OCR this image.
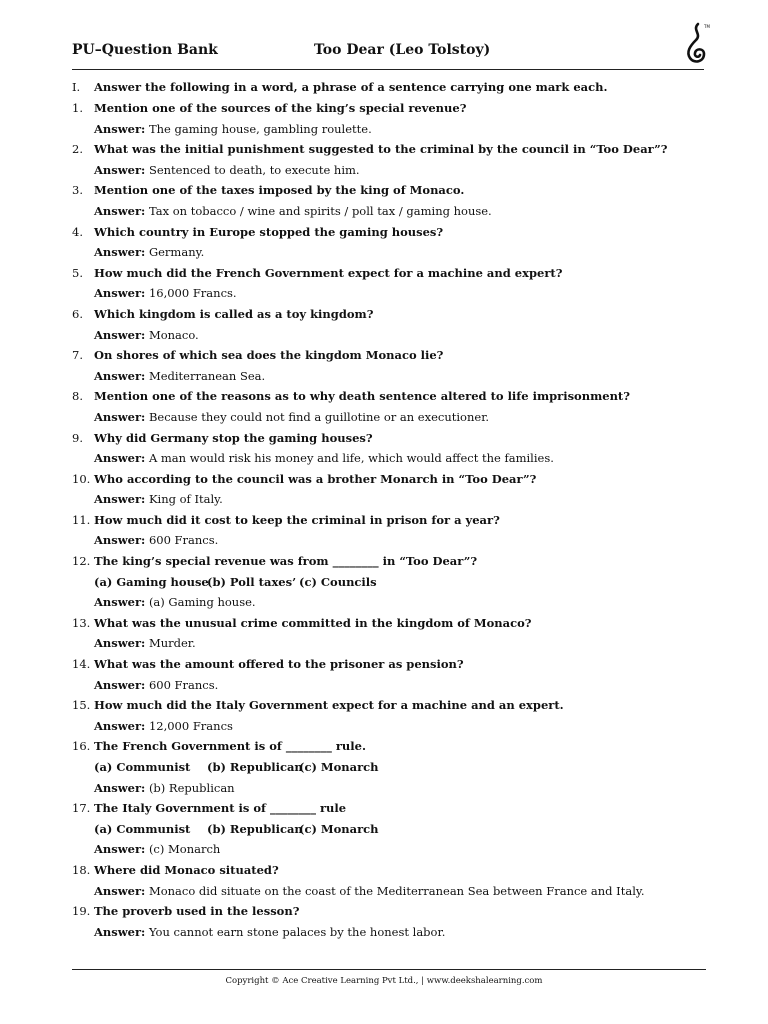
PU–Question Bank	Too Dear (Leo Tolstoy)
TM
I. Answer the following in a word, a phrase of a sentence carrying one mark each.
1. Mention one of the sources of the king’s special revenue?
Answer: The gaming house, gambling roulette.
2. What was the initial punishment suggested to the criminal by the council in “Too Dear”?
Answer: Sentenced to death, to execute him.
3. Mention one of the taxes imposed by the king of Monaco.
Answer: Tax on tobacco / wine and spirits / poll tax / gaming house.
4. Which country in Europe stopped the gaming houses?
Answer: Germany.
5. How much did the French Government expect for a machine and expert?
Answer: 16,000 Francs.
6. Which kingdom is called as a toy kingdom?
Answer: Monaco.
7. On shores of which sea does the kingdom Monaco lie?
Answer: Mediterranean Sea.
8. Mention one of the reasons as to why death sentence altered to life imprisonment?
Answer: Because they could not find a guillotine or an executioner.
9. Why did Germany stop the gaming houses?
Answer: A man would risk his money and life, which would affect the families.
10. Who according to the council was a brother Monarch in “Too Dear”?
Answer: King of Italy.
11. How much did it cost to keep the criminal in prison for a year?
Answer: 600 Francs.
12. The king’s special revenue was from ________ in “Too Dear”?
(a) Gaming house(b) Poll taxes’ (c) Councils
Answer: (a) Gaming house.
13. What was the unusual crime committed in the kingdom of Monaco?
Answer: Murder.
14. What was the amount offered to the prisoner as pension?
Answer: 600 Francs.
15. How much did the Italy Government expect for a machine and an expert.
Answer: 12,000 Francs
16. The French Government is of ________ rule.
(a) Communist (b) Republican(c) Monarch
Answer: (b) Republican
17. The Italy Government is of ________ rule
(a) Communist (b) Republican(c) Monarch
Answer: (c) Monarch
18. Where did Monaco situated?
Answer: Monaco did situate on the coast of the Mediterranean Sea between France and Italy.
19. The proverb used in the lesson?
Answer: You cannot earn stone palaces by the honest labor.
Copyright © Ace Creative Learning Pvt Ltd., | www.deekshalearning.com
